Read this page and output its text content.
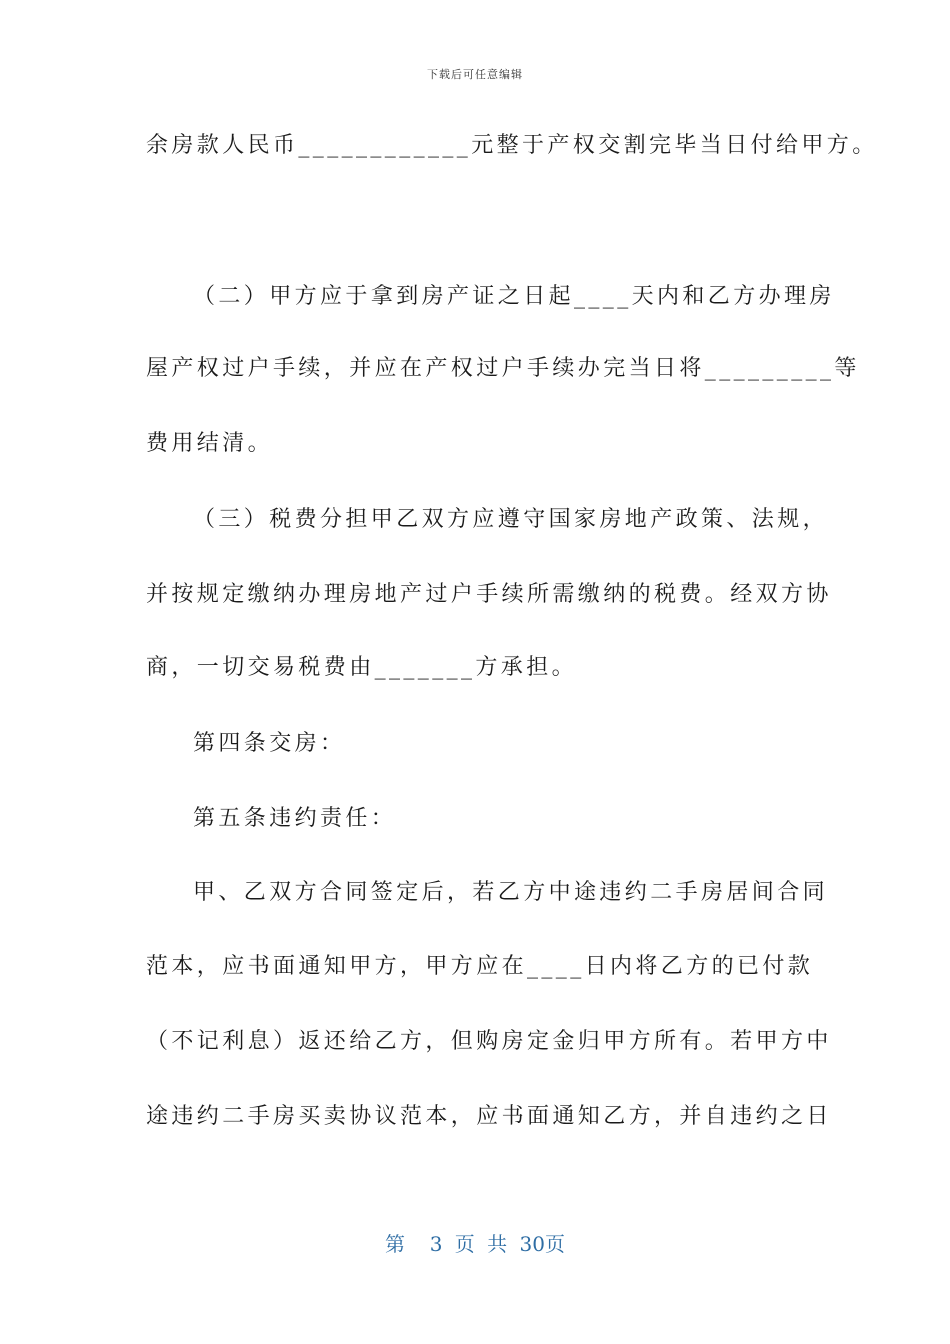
下载后可任意编辑
余房款人民币____________元整于产权交割完毕当日付给甲方。
（二）甲方应于拿到房产证之日起____天内和乙方办理房
屋产权过户手续，并应在产权过户手续办完当日将_________等
费用结清。
（三）税费分担甲乙双方应遵守国家房地产政策、法规，
并按规定缴纳办理房地产过户手续所需缴纳的税费。经双方协
商，一切交易税费由_______方承担。
第四条交房：
第五条违约责任：
甲、乙双方合同签定后，若乙方中途违约二手房居间合同
范本，应书面通知甲方，甲方应在____日内将乙方的已付款
（不记利息）返还给乙方，但购房定金归甲方所有。若甲方中
途违约二手房买卖协议范本，应书面通知乙方，并自违约之日
第  3 页 共 30页
